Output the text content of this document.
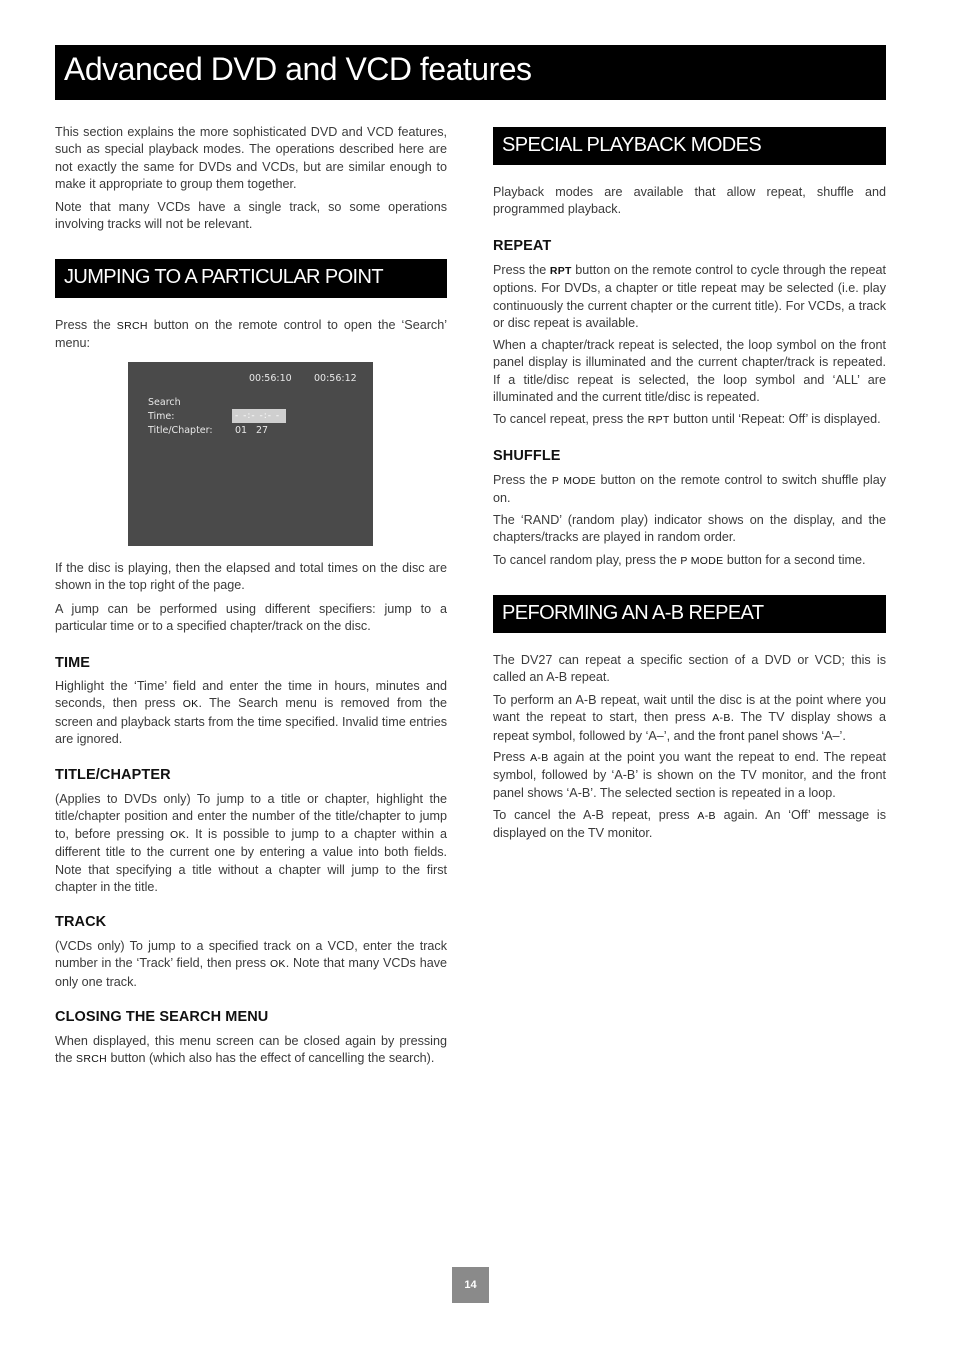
Advanced DVD and VCD features

This section explains the more sophisticated DVD and VCD features, such as special playback modes. The operations described here are not exactly the same for DVDs and VCDs, but are similar enough to make it appropriate to group them together.

Note that many VCDs have a single track, so some operations involving tracks will not be relevant.

JUMPING TO A PARTICULAR POINT

Press the SRCH button on the remote control to open the ‘Search’ menu:

If the disc is playing, then the elapsed and total times on the disc are shown in the top right of the page.

A jump can be performed using different specifiers: jump to a particular time or to a specified chapter/track on the disc.

TIME

Highlight the ‘Time’ field and enter the time in hours, minutes and seconds, then press OK. The Search menu is removed from the screen and playback starts from the time specified. Invalid time entries are ignored.

TITLE/CHAPTER

(Applies to DVDs only) To jump to a title or chapter, highlight the title/chapter position and enter the number of the title/chapter to jump to, before pressing OK. It is possible to jump to a chapter within a different title to the current one by entering a value into both fields. Note that specifying a title without a chapter will jump to the first chapter in the title.

TRACK

(VCDs only) To jump to a specified track on a VCD, enter the track number in the ‘Track’ field, then press OK. Note that many VCDs have only one track.

CLOSING THE SEARCH MENU

When displayed, this menu screen can be closed again by pressing the SRCH button (which also has the effect of cancelling the search).

00:56:10 00:56:12
Search
Time:	- -:- -:- -
Title/Chapter: 01 27
SPECIAL PLAYBACK MODES

Playback modes are available that allow repeat, shuffle and programmed playback.

REPEAT

Press the RPT button on the remote control to cycle through the repeat options. For DVDs, a chapter or title repeat may be selected (i.e. play continuously the current chapter or the current title). For VCDs, a track or disc repeat is available.

When a chapter/track repeat is selected, the loop symbol on the front panel display is illuminated and the current chapter/track is repeated. If a title/disc repeat is selected, the loop symbol and ‘ALL’ are illuminated and the current title/disc is repeated.

To cancel repeat, press the RPT button until ‘Repeat: Off’ is displayed.

SHUFFLE

Press the P MODE button on the remote control to switch shuffle play on.

The ‘RAND’ (random play) indicator shows on the display, and the chapters/tracks are played in random order.

To cancel random play, press the P MODE button for a second time.

PEFORMING AN A-B REPEAT

The DV27 can repeat a specific section of a DVD or VCD; this is called an A-B repeat.

To perform an A-B repeat, wait until the disc is at the point where you want the repeat to start, then press A-B. The TV display shows a repeat symbol, followed by ‘A–’, and the front panel shows ‘A–’.

Press A-B again at the point you want the repeat to end. The repeat symbol, followed by ‘A-B’ is shown on the TV monitor, and the front panel shows ‘A-B’. The selected section is repeated in a loop.

To cancel the A-B repeat, press A-B again. An ‘Off’ message is displayed on the TV monitor.

14
